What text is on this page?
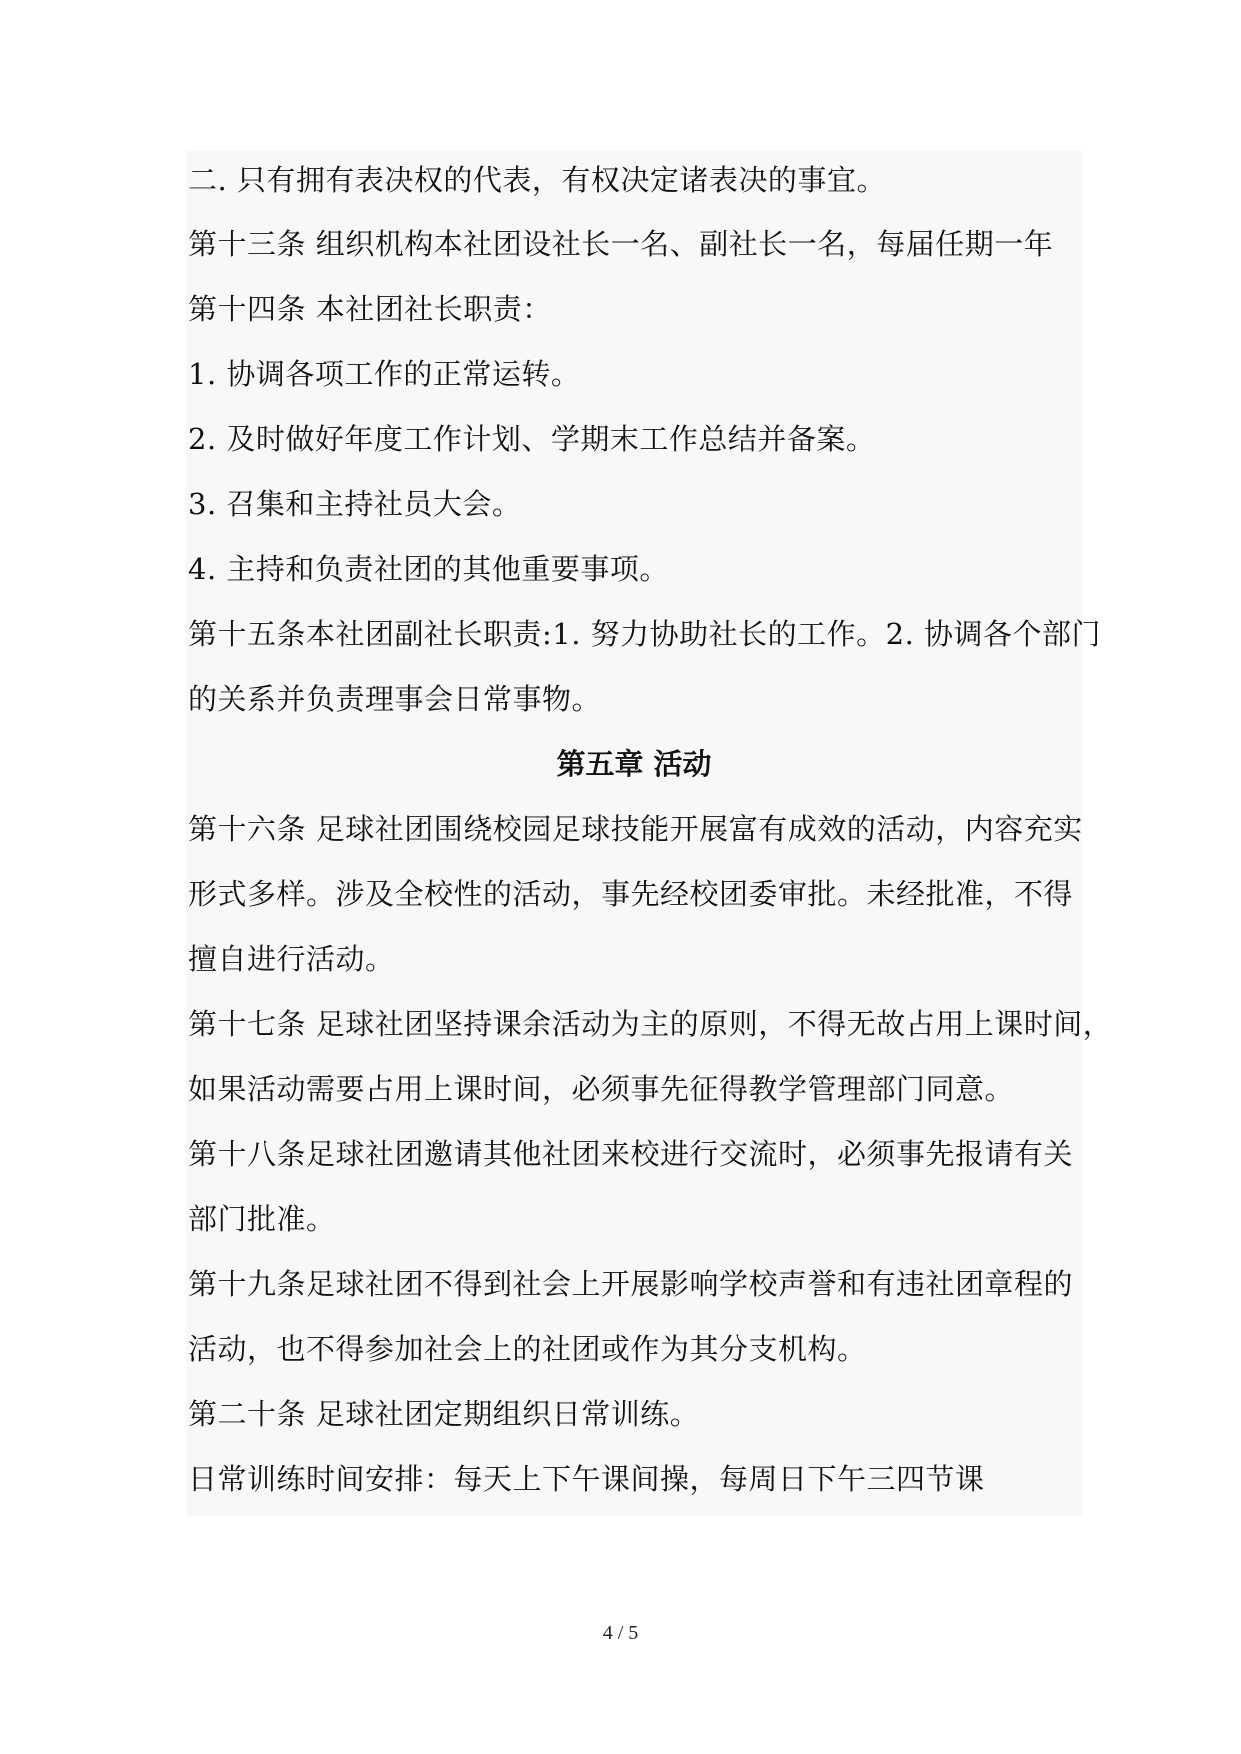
二. 只有拥有表决权的代表，有权决定诸表决的事宜。
第十三条 组织机构本社团设社长一名、副社长一名，每届任期一年
第十四条 本社团社长职责：
1. 协调各项工作的正常运转。
2. 及时做好年度工作计划、学期末工作总结并备案。
3. 召集和主持社员大会。
4. 主持和负责社团的其他重要事项。
第十五条本社团副社长职责:1. 努力协助社长的工作。2. 协调各个部门
的关系并负责理事会日常事物。
第五章 活动
第十六条 足球社团围绕校园足球技能开展富有成效的活动，内容充实
形式多样。涉及全校性的活动，事先经校团委审批。未经批准，不得
擅自进行活动。
第十七条 足球社团坚持课余活动为主的原则，不得无故占用上课时间，
如果活动需要占用上课时间，必须事先征得教学管理部门同意。
第十八条足球社团邀请其他社团来校进行交流时，必须事先报请有关
部门批准。
第十九条足球社团不得到社会上开展影响学校声誉和有违社团章程的
活动，也不得参加社会上的社团或作为其分支机构。
第二十条 足球社团定期组织日常训练。
日常训练时间安排：每天上下午课间操，每周日下午三四节课
4 / 5
